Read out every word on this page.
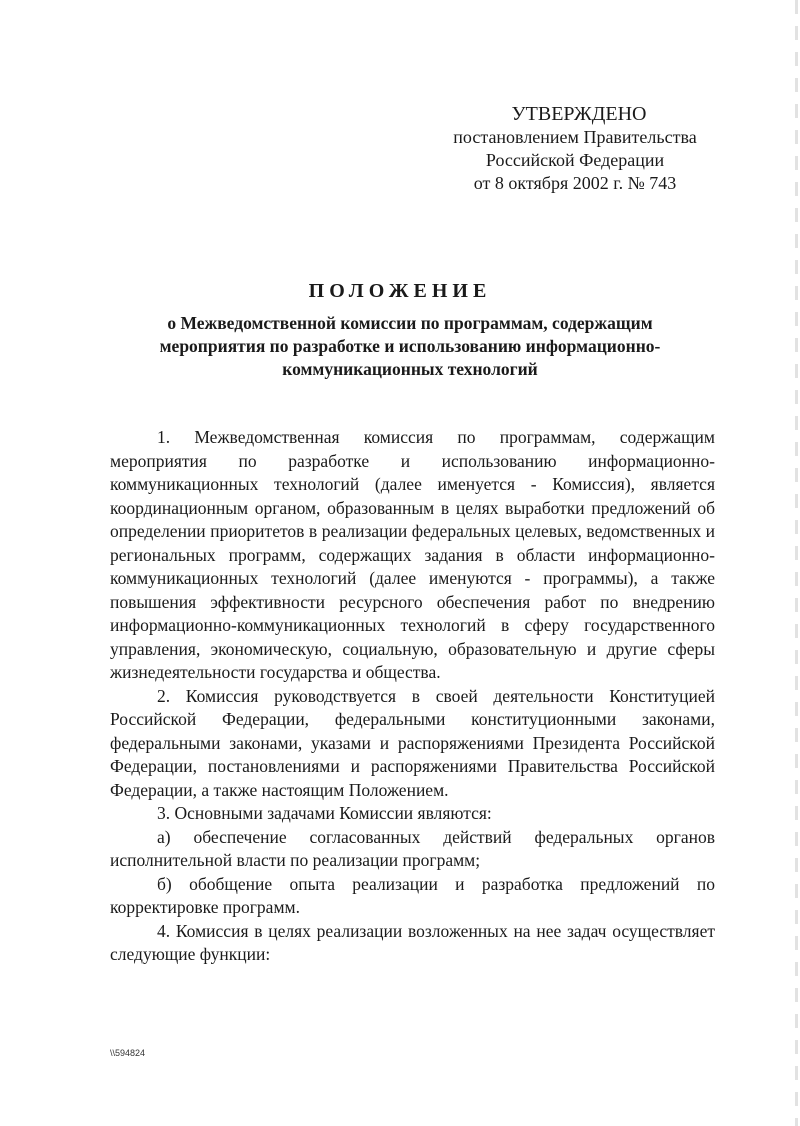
УТВЕРЖДЕНО
постановлением Правительства
Российской Федерации
от 8 октября 2002 г. № 743
ПОЛОЖЕНИЕ
о Межведомственной комиссии по программам, содержащим
мероприятия по разработке и использованию информационно-
коммуникационных технологий

1. Межведомственная комиссия по программам, содержащим мероприятия по разработке и использованию информационно-коммуникационных технологий (далее именуется - Комиссия), является координационным органом, образованным в целях выработки предложений об определении приоритетов в реализации федеральных целевых, ведомственных и региональных программ, содержащих задания в области информационно-коммуникационных технологий (далее именуются - программы), а также повышения эффективности ресурсного обеспечения работ по внедрению информационно-коммуникационных технологий в сферу государственного управления, экономическую, социальную, образовательную и другие сферы жизнедеятельности государства и общества.

2. Комиссия руководствуется в своей деятельности Конституцией Российской Федерации, федеральными конституционными законами, федеральными законами, указами и распоряжениями Президента Российской Федерации, постановлениями и распоряжениями Правительства Российской Федерации, а также настоящим Положением.

3. Основными задачами Комиссии являются:

а) обеспечение согласованных действий федеральных органов исполнительной власти по реализации программ;

б) обобщение опыта реализации и разработка предложений по корректировке программ.

4. Комиссия в целях реализации возложенных на нее задач осуществляет следующие функции:

\\594824
